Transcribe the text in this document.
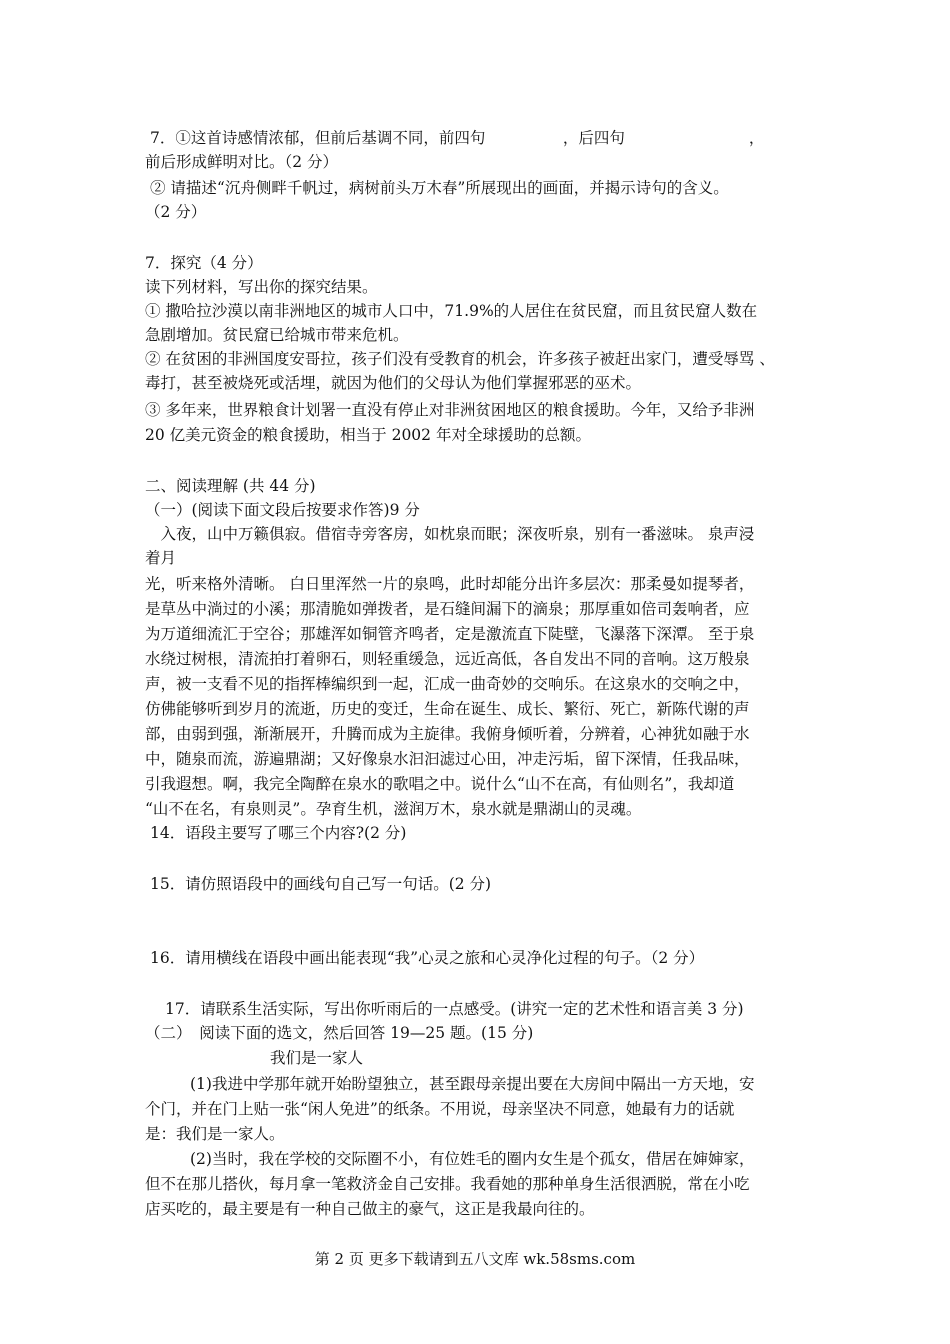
7．①这首诗感情浓郁，但前后基调不同，前四句　　　　　，后四句　　　　　　　　，
前后形成鲜明对比。（2 分）
② 请描述“沉舟侧畔千帆过，病树前头万木春”所展现出的画面，并揭示诗句的含义。
（2 分）
7．探究（4 分）
读下列材料，写出你的探究结果。
① 撒哈拉沙漠以南非洲地区的城市人口中，71.9%的人居住在贫民窟，而且贫民窟人数在
急剧增加。贫民窟已给城市带来危机。
② 在贫困的非洲国度安哥拉，孩子们没有受教育的机会，许多孩子被赶出家门，遭受辱骂 、
毒打，甚至被烧死或活埋，就因为他们的父母认为他们掌握邪恶的巫术。
③ 多年来，世界粮食计划署一直没有停止对非洲贫困地区的粮食援助。今年，又给予非洲
20 亿美元资金的粮食援助，相当于 2002 年对全球援助的总额。
二、阅读理解 (共 44 分)
（一）(阅读下面文段后按要求作答)9 分
　入夜，山中万籁俱寂。借宿寺旁客房，如枕泉而眠；深夜听泉，别有一番滋味。 泉声浸
着月
光，听来格外清晰。 白日里浑然一片的泉鸣，此时却能分出许多层次：那柔曼如提琴者，
是草丛中淌过的小溪；那清脆如弹拨者，是石缝间漏下的滴泉；那厚重如倍司轰响者，应
为万道细流汇于空谷；那雄浑如铜管齐鸣者，定是激流直下陡壁，飞瀑落下深潭。 至于泉
水绕过树根，清流拍打着卵石，则轻重缓急，远近高低，各自发出不同的音响。这万般泉
声，被一支看不见的指挥棒编织到一起，汇成一曲奇妙的交响乐。在这泉水的交响之中，
仿佛能够听到岁月的流逝，历史的变迁，生命在诞生、成长、繁衍、死亡，新陈代谢的声
部，由弱到强，渐渐展开，升腾而成为主旋律。我俯身倾听着，分辨着，心神犹如融于水
中，随泉而流，游遍鼎湖；又好像泉水汩汩滤过心田，冲走污垢，留下深情，任我品味，
引我遐想。啊，我完全陶醉在泉水的歌唱之中。说什么“山不在高，有仙则名”，我却道
“山不在名，有泉则灵”。孕育生机，滋润万木，泉水就是鼎湖山的灵魂。
14．语段主要写了哪三个内容?(2 分)
15．请仿照语段中的画线句自己写一句话。(2 分)
16．请用横线在语段中画出能表现“我”心灵之旅和心灵净化过程的句子。（2 分）
17．请联系生活实际，写出你听雨后的一点感受。(讲究一定的艺术性和语言美 3 分)
（二）　阅读下面的选文，然后回答 19—25 题。(15 分)
我们是一家人
(1)我进中学那年就开始盼望独立，甚至跟母亲提出要在大房间中隔出一方天地，安
个门，并在门上贴一张“闲人免进”的纸条。不用说，母亲坚决不同意，她最有力的话就
是：我们是一家人。
(2)当时，我在学校的交际圈不小，有位姓毛的圈内女生是个孤女，借居在婶婶家，
但不在那儿搭伙，每月拿一笔救济金自己安排。我看她的那种单身生活很洒脱，常在小吃
店买吃的，最主要是有一种自己做主的豪气，这正是我最向往的。
第 2 页 更多下载请到五八文库 wk.58sms.com
